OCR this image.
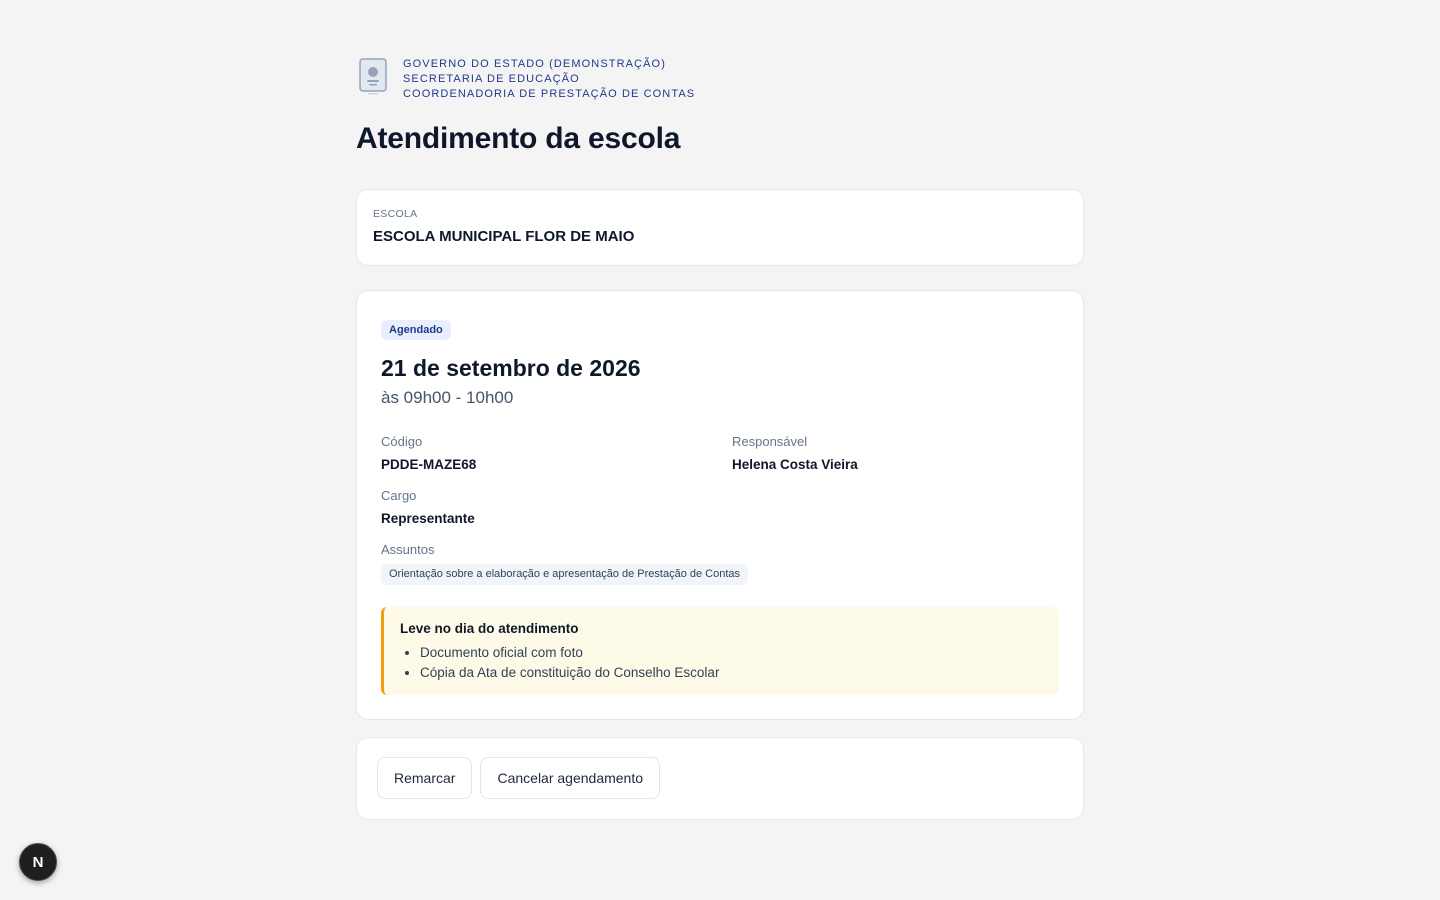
GOVERNO DO ESTADO (DEMONSTRAÇÃO)
SECRETARIA DE EDUCAÇÃO
COORDENADORIA DE PRESTAÇÃO DE CONTAS
Atendimento da escola
ESCOLA
ESCOLA MUNICIPAL FLOR DE MAIO
Agendado
21 de setembro de 2026
às 09h00 - 10h00
Código
PDDE-MAZE68
Responsável
Helena Costa Vieira
Cargo
Representante
Assuntos
Orientação sobre a elaboração e apresentação de Prestação de Contas
Leve no dia do atendimento
• Documento oficial com foto
• Cópia da Ata de constituição do Conselho Escolar
Remarcar	Cancelar agendamento
N
